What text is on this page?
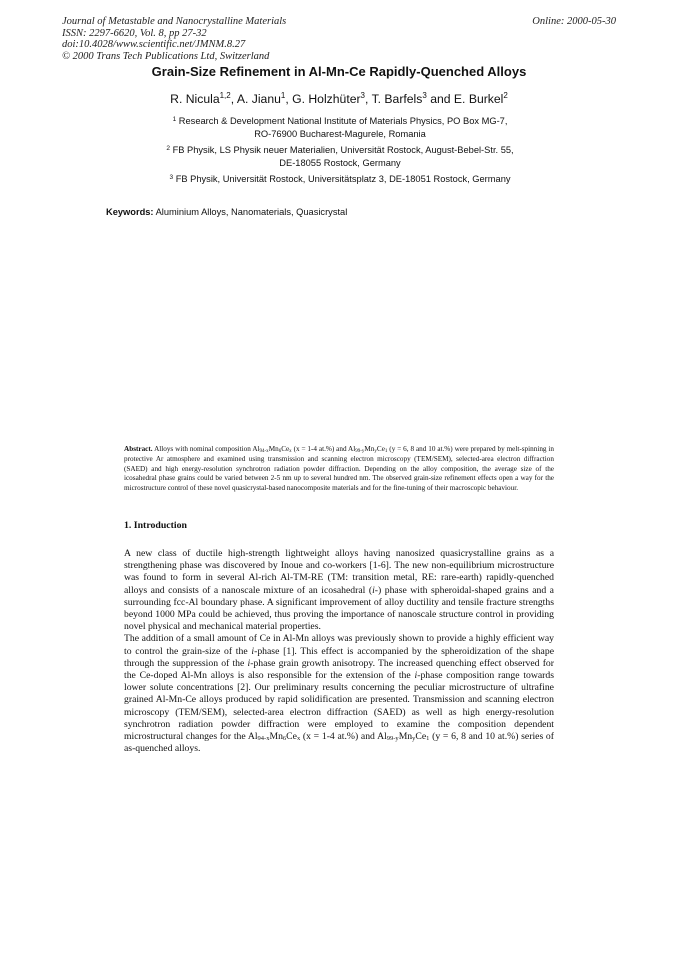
Journal of Metastable and Nanocrystalline Materials
ISSN: 2297-6620, Vol. 8, pp 27-32
doi:10.4028/www.scientific.net/JMNM.8.27
© 2000 Trans Tech Publications Ltd, Switzerland
Online: 2000-05-30
Grain-Size Refinement in Al-Mn-Ce Rapidly-Quenched Alloys
R. Nicula$^{1,2}$, A. Jianu$^1$, G. Holzhüter$^3$, T. Barfels$^3$ and E. Burkel$^2$
$^1$ Research & Development National Institute of Materials Physics, PO Box MG-7,
RO-76900 Bucharest-Magurele, Romania
$^2$ FB Physik, LS Physik neuer Materialien, Universität Rostock, August-Bebel-Str. 55,
DE-18055 Rostock, Germany
$^3$ FB Physik, Universität Rostock, Universitätsplatz 3, DE-18051 Rostock, Germany
Keywords: Aluminium Alloys, Nanomaterials, Quasicrystal
Abstract. Alloys with nominal composition $Al_{94-x}Mn_6Ce_x$ (x = 1-4 at.%) and $Al_{99-y}Mn_yCe_1$ (y = 6, 8 and 10 at.%) were prepared by melt-spinning in protective Ar atmosphere and examined using transmission and scanning electron microscopy (TEM/SEM), selected-area electron diffraction (SAED) and high energy-resolution synchrotron radiation powder diffraction. Depending on the alloy composition, the average size of the icosahedral phase grains could be varied between 2-5 nm up to several hundred nm. The observed grain-size refinement effects open a way for the microstructure control of these novel quasicrystal-based nanocomposite materials and for the fine-tuning of their macroscopic behaviour.
1. Introduction

A new class of ductile high-strength lightweight alloys having nanosized quasicrystalline grains as a strengthening phase was discovered by Inoue and co-workers [1-6]. The new non-equilibrium microstructure was found to form in several Al-rich Al-TM-RE (TM: transition metal, RE: rare-earth) rapidly-quenched alloys and consists of a nanoscale mixture of an icosahedral (i-) phase with spheroidal-shaped grains and a surrounding fcc-Al boundary phase. A significant improvement of alloy ductility and tensile fracture strengths beyond 1000 MPa could be achieved, thus proving the importance of nanoscale structure control in providing novel physical and mechanical material properties.

The addition of a small amount of Ce in Al-Mn alloys was previously shown to provide a highly efficient way to control the grain-size of the i-phase [1]. This effect is accompanied by the spheroidization of the shape through the suppression of the i-phase grain growth anisotropy. The increased quenching effect observed for the Ce-doped Al-Mn alloys is also responsible for the extension of the i-phase composition range towards lower solute concentrations [2]. Our preliminary results concerning the peculiar microstructure of ultrafine grained Al-Mn-Ce alloys produced by rapid solidification are presented. Transmission and scanning electron microscopy (TEM/SEM), selected-area electron diffraction (SAED) as well as high energy-resolution synchrotron radiation powder diffraction were employed to examine the composition dependent microstructural changes for the $Al_{94-x}Mn_6Ce_x$ (x = 1-4 at.%) and $Al_{99-y}Mn_yCe_1$ (y = 6, 8 and 10 at.%) series of as-quenched alloys.
